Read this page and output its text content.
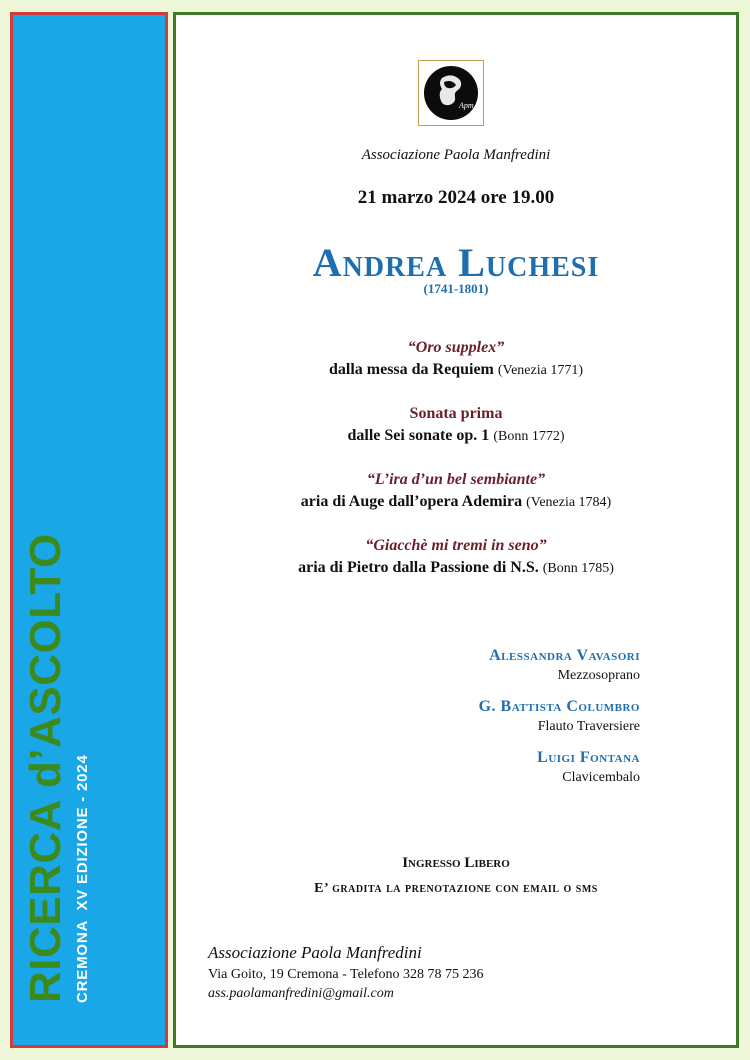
RICERCA d’ASCOLTO CREMONA  XV EDIZIONE - 2024
Apm
Associazione Paola Manfredini
21 marzo 2024 ore 19.00
Andrea Luchesi
(1741-1801)
“Oro supplex”
dalla messa da Requiem (Venezia 1771)
Sonata prima
dalle Sei sonate op. 1 (Bonn 1772)
“L’ira d’un bel sembiante”
aria di Auge dall’opera Ademira (Venezia 1784)
“Giacchè mi tremi in seno”
aria di Pietro dalla Passione di N.S. (Bonn 1785)
Alessandra Vavasori
Mezzosoprano
G. Battista Columbro
Flauto Traversiere
Luigi Fontana
Clavicembalo
Ingresso Libero
E’ gradita la prenotazione con email o sms
Associazione Paola Manfredini
Via Goito, 19 Cremona - Telefono 328 78 75 236
ass.paolamanfredini@gmail.com
